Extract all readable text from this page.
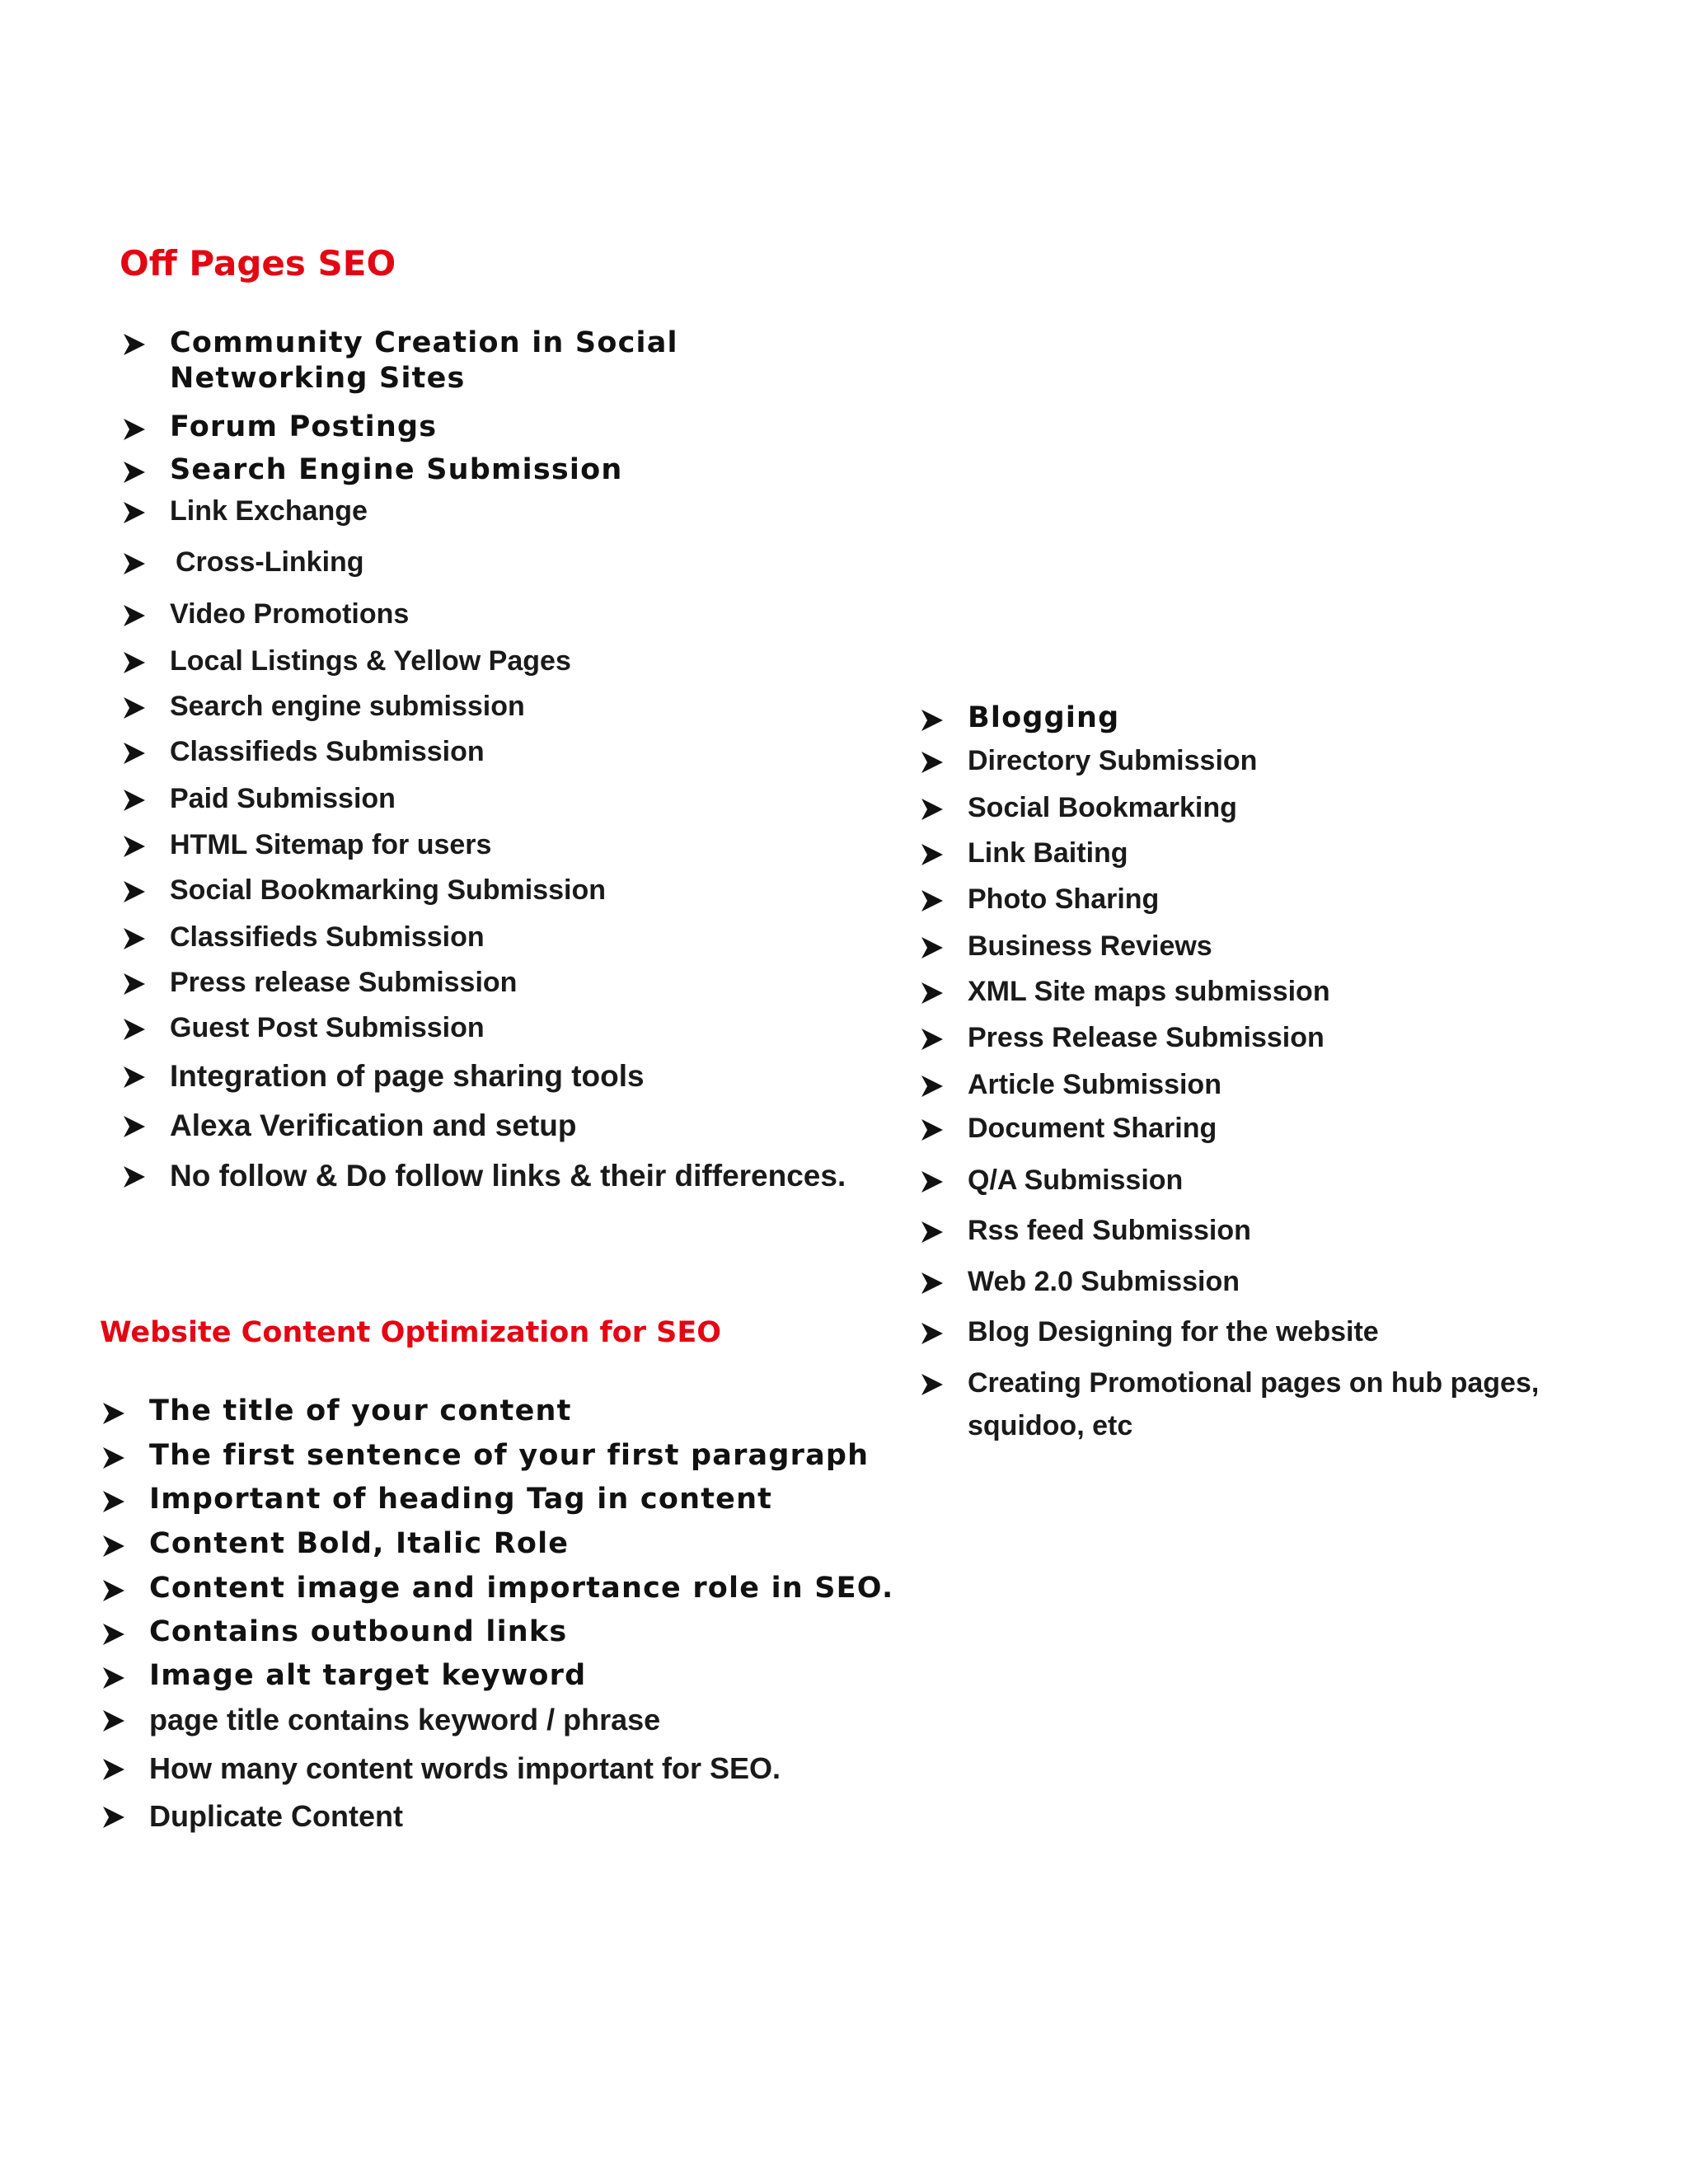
Off Pages SEO
Community Creation in Social Networking Sites
Forum Postings
Search Engine Submission
Link Exchange
Cross-Linking
Video Promotions
Local Listings & Yellow Pages
Search engine submission
Classifieds Submission
Paid Submission
HTML Sitemap for users
Social Bookmarking Submission
Classifieds Submission
Press release Submission
Guest Post Submission
Integration of page sharing tools
Alexa Verification and setup
No follow & Do follow links & their differences.
Blogging
Directory Submission
Social Bookmarking
Link Baiting
Photo Sharing
Business Reviews
XML Site maps submission
Press Release Submission
Article Submission
Document Sharing
Q/A Submission
Rss feed Submission
Web 2.0 Submission
Blog Designing for the website
Creating Promotional pages on hub pages, squidoo, etc
Website Content Optimization for SEO
The title of your content
The first sentence of your first paragraph
Important of heading Tag in content
Content Bold, Italic Role
Content image and importance role in SEO.
Contains outbound links
Image alt target keyword
page title contains keyword / phrase
How many content words important for SEO.
Duplicate Content
